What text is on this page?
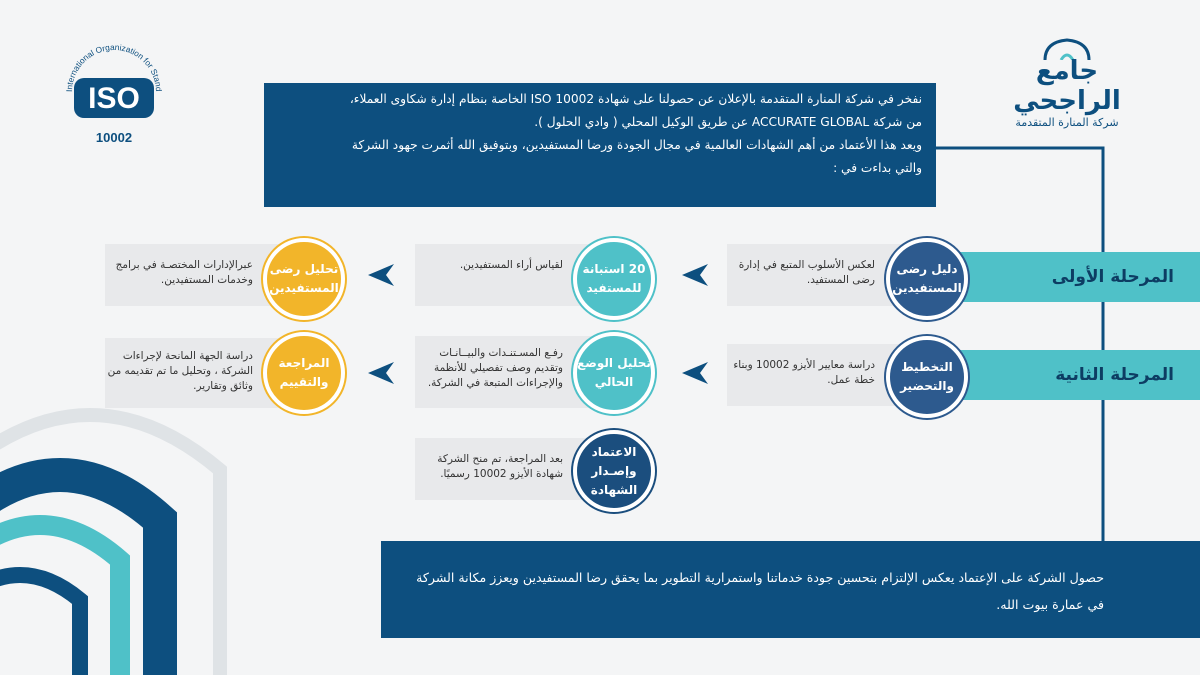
جامع الراجحي
شركة المنارة المتقدمة
International Organization for Stand
ISO
10002

نفخر في شركة المنارة المتقدمة بالإعلان عن حصولنا على شهادة ISO 10002 الخاصة بنظام إدارة شكاوى العملاء،

من شركة ACCURATE GLOBAL عن طريق الوكيل المحلي ( وادي الحلول ).

ويعد هذا الأعتماد من أهم الشهادات العالمية في مجال الجودة ورضا المستفيدين، وبتوفيق الله أثمرت جهود الشركة

والتي بداءت في :

المرحلة الأولى
المرحلة الثانية
لعكس الأسلوب المتبع في إدارة رضى المستفيد.
دليل رضى المستفيدين
لقياس أراء المستفيدين.	20 استبانة للمستفيد
عبرالإدارات المختصـة في برامج وخدمات المستفيدين.
تحليل رضى المستفيدين
دراسة معايير الأيزو 10002 وبناء خطة عمل.
التخطيط والتحضير
رفـع المسـتنـدات والبيــانـات وتقديم وصف تفصيلي للأنظمة والإجراءات المتبعة في الشركة.
تحليل الوضع الحالي
دراسة الجهة المانحة لإجراءات الشركة ، وتحليل ما تم تقديمه من وثائق وتقارير.
المراجعة والتقييم
بعد المراجعة، تم منح الشركة شهادة الأيزو 10002 رسميًا.
الاعتماد وإصـدار الشهادة
حصول الشركة على الإعتماد يعكس الإلتزام بتحسين جودة خدماتنا واستمرارية التطوير بما يحقق رضا المستفيدين ويعزز مكانة الشركة في عمارة بيوت الله.
